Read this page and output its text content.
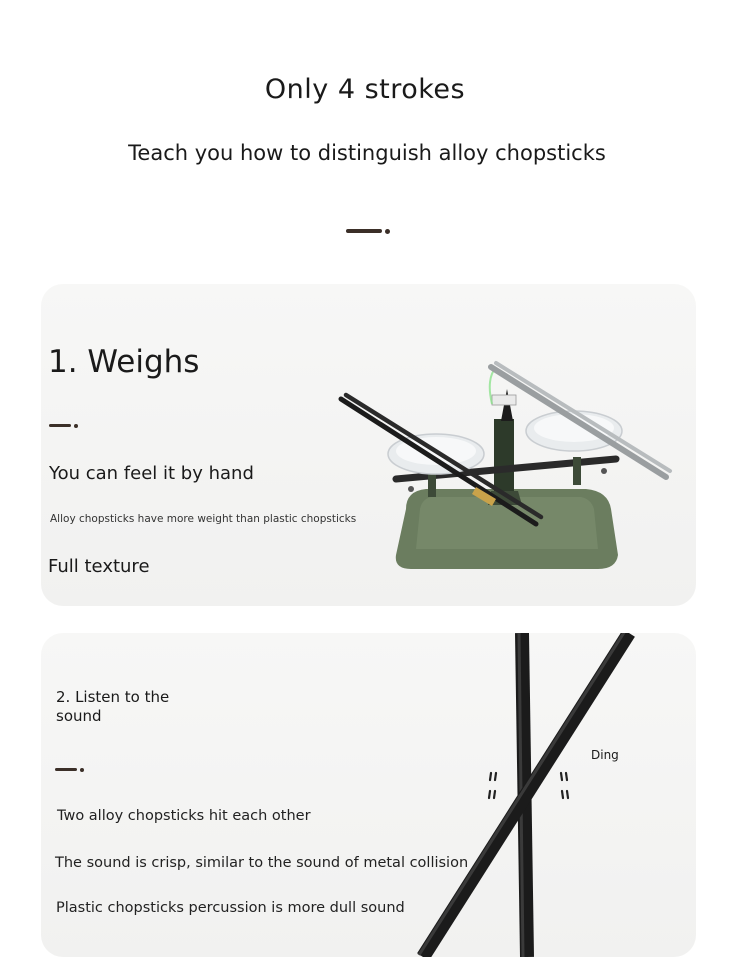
Only 4 strokes
Teach you how to distinguish alloy chopsticks
1. Weighs
You can feel it by hand
Alloy chopsticks have more weight than plastic chopsticks
Full texture
2. Listen to the sound
Two alloy chopsticks hit each other
The sound is crisp, similar to the sound of metal collision
Plastic chopsticks percussion is more dull sound
Ding
